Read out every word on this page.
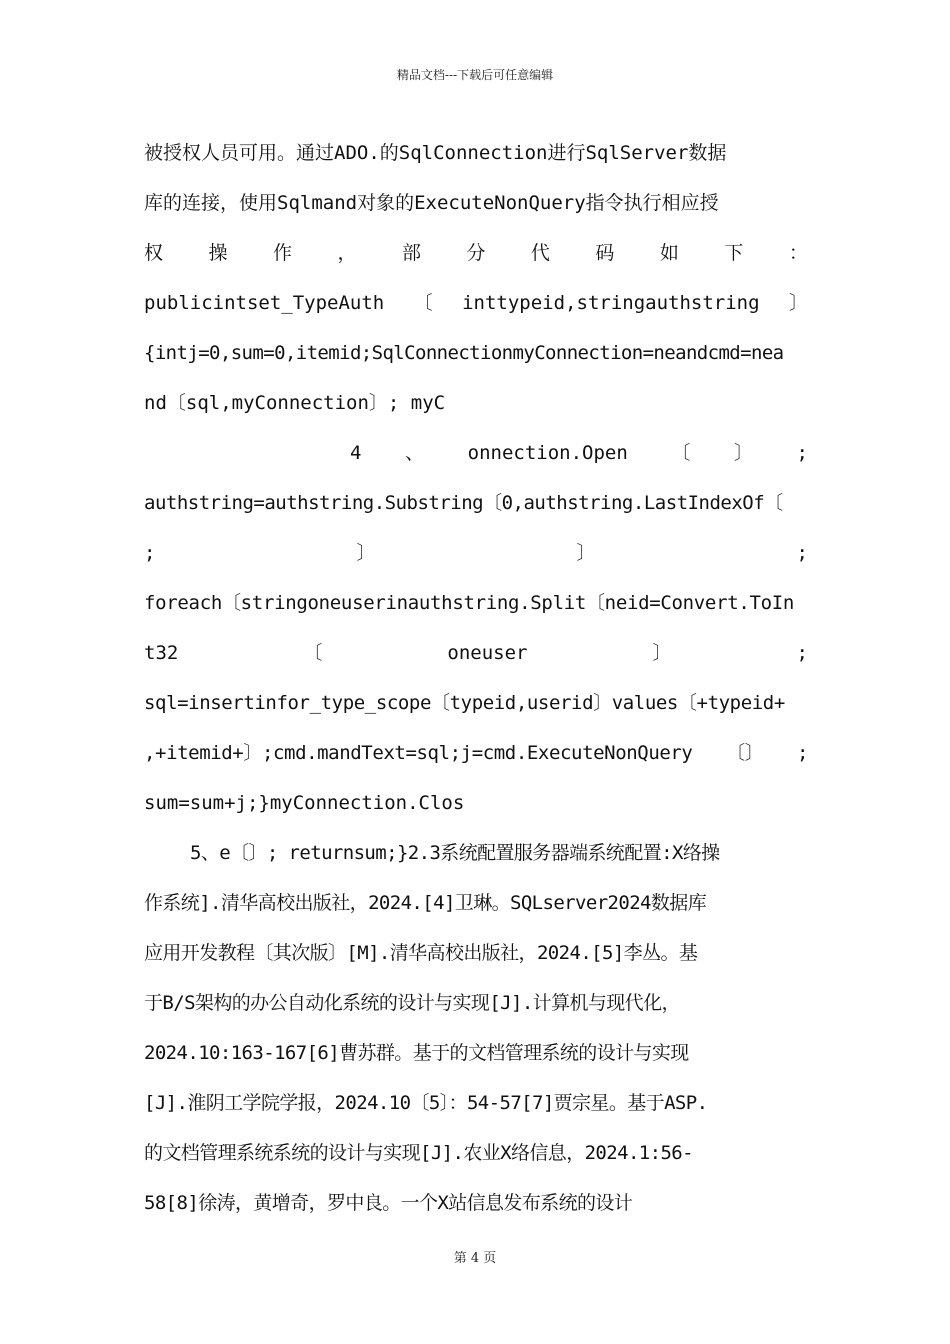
精品文档---下载后可任意编辑
被授权人员可用。通过ADO.的SqlConnection进行SqlServer数据
库的连接，使用Sqlmand对象的ExecuteNonQuery指令执行相应授
权 操 作 ， 部 分 代 码 如 下 ：
publicintset_TypeAuth 〔 inttypeid,stringauthstring 〕
{intj=0,sum=0,itemid;SqlConnectionmyConnection=neandcmd=nea
nd〔sql,myConnection〕; myC
4 、 onnection.Open 〔 〕 ;
authstring=authstring.Substring〔0,authstring.LastIndexOf〔
;	〕	〕	;
foreach〔stringoneuserinauthstring.Split〔neid=Convert.ToIn
t32	〔	oneuser	〕	;
sql=insertinfor_type_scope〔typeid,userid〕values〔+typeid+
,+itemid+〕;cmd.mandText=sql;j=cmd.ExecuteNonQuery 〔〕 ;
sum=sum+j;}myConnection.Clos
5、e〔〕; returnsum;}2.3系统配置服务器端系统配置:X络操
作系统].清华高校出版社，2024.[4]卫琳。SQLserver2024数据库
应用开发教程〔其次版〕[M].清华高校出版社，2024.[5]李丛。基
于B/S架构的办公自动化系统的设计与实现[J].计算机与现代化，
2024.10:163-167[6]曹苏群。基于的文档管理系统的设计与实现
[J].淮阴工学院学报，2024.10〔5〕：54-57[7]贾宗星。基于ASP.
的文档管理系统系统的设计与实现[J].农业X络信息，2024.1:56-
58[8]徐涛，黄增奇，罗中良。一个X站信息发布系统的设计
第 4 页
